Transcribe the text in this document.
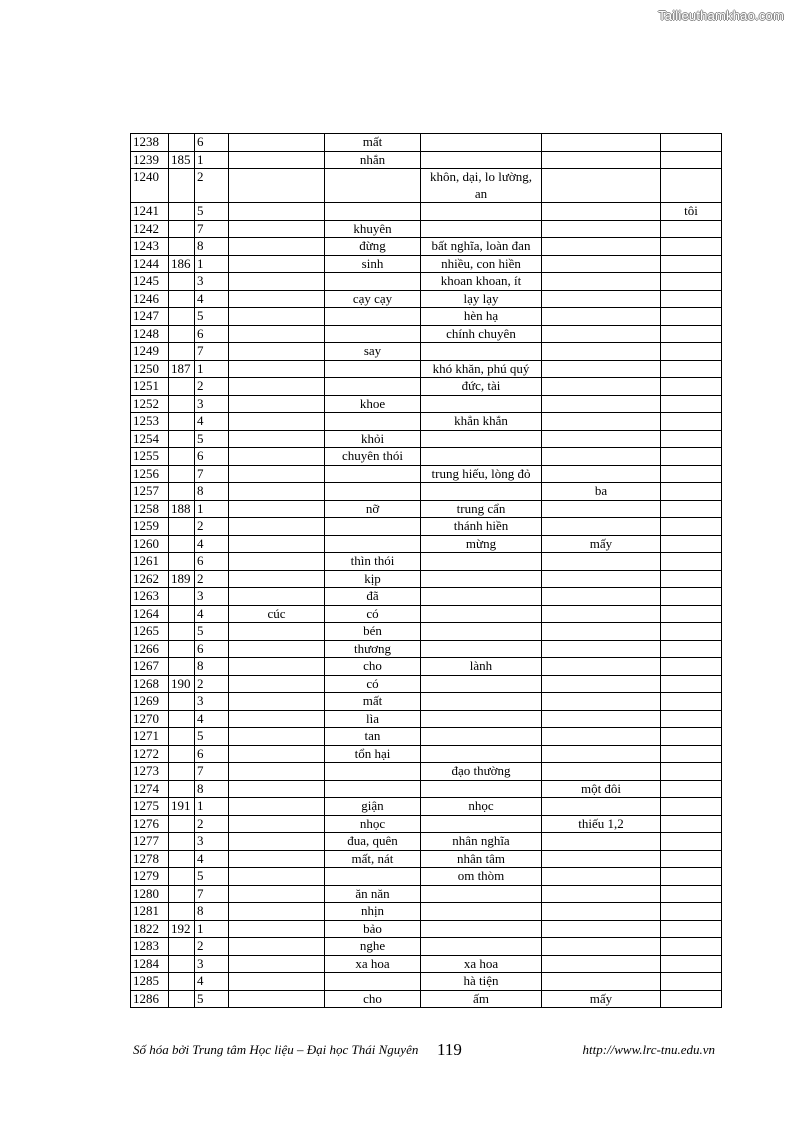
Tailieuthamkhao.com
1238		6		mất			
1239	185	1		nhắn			
1240		2			khôn, dại, lo lường, an		
1241		5					tôi
1242		7		khuyên			
1243		8		đừng	bất nghĩa, loàn đan		
1244	186	1		sinh	nhiều, con hiền		
1245		3			khoan khoan, ít		
1246		4		cạy cạy	lạy lạy		
1247		5			hèn hạ		
1248		6			chính chuyên		
1249		7		say			
1250	187	1			khó khăn, phú quý		
1251		2			đức, tài		
1252		3		khoe			
1253		4			khẳn khắn		
1254		5		khỏi			
1255		6		chuyên thói			
1256		7			trung hiếu, lòng đỏ		
1257		8				ba	
1258	188	1		nỡ	trung cẩn		
1259		2			thánh hiền		
1260		4			mừng	mấy	
1261		6		thìn thói			
1262	189	2		kịp			
1263		3		đã			
1264		4	cúc	có			
1265		5		bén			
1266		6		thương			
1267		8		cho	lành		
1268	190	2		có			
1269		3		mất			
1270		4		lìa			
1271		5		tan			
1272		6		tổn hại			
1273		7			đạo thường		
1274		8				một đôi	
1275	191	1		giận	nhọc		
1276		2		nhọc		thiếu 1,2	
1277		3		đua, quên	nhân nghĩa		
1278		4		mất, nát	nhân tâm		
1279		5			om thòm		
1280		7		ăn năn			
1281		8		nhịn			
1822	192	1		bảo			
1283		2		nghe			
1284		3		xa hoa	xa hoa		
1285		4			hà tiện		
1286		5		cho	ấm	mấy	
Số hóa bởi Trung tâm Học liệu – Đại học Thái Nguyên 119	http://www.lrc-tnu.edu.vn
